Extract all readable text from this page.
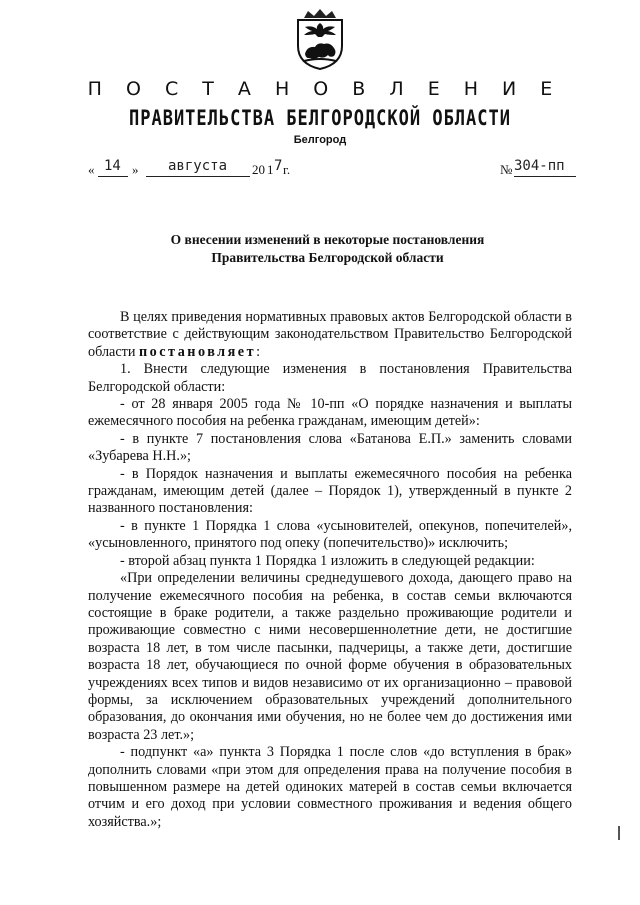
П О С Т А Н О В Л Е Н И Е
ПРАВИТЕЛЬСТВА БЕЛГОРОДСКОЙ ОБЛАСТИ
Белгород
« 14 » августа 20 1 7 г.	№ 304-пп
О внесении изменений в некоторые постановления
Правительства Белгородской области

В целях приведения нормативных правовых актов Белгородской области в соответствие с действующим законодательством Правительство Белгородской области постановляет:

1. Внести следующие изменения в постановления Правительства Белгородской области:

- от 28 января 2005 года № 10-пп «О порядке назначения и выплаты ежемесячного пособия на ребенка гражданам, имеющим детей»:

- в пункте 7 постановления слова «Батанова Е.П.» заменить словами «Зубарева Н.Н.»;

- в Порядок назначения и выплаты ежемесячного пособия на ребенка гражданам, имеющим детей (далее – Порядок 1), утвержденный в пункте 2 названного постановления:

- в пункте 1 Порядка 1 слова «усыновителей, опекунов, попечителей», «усыновленного, принятого под опеку (попечительство)» исключить;

- второй абзац пункта 1 Порядка 1 изложить в следующей редакции:

«При определении величины среднедушевого дохода, дающего право на получение ежемесячного пособия на ребенка, в состав семьи включаются состоящие в браке родители, а также раздельно проживающие родители и проживающие совместно с ними несовершеннолетние дети, не достигшие возраста 18 лет, в том числе пасынки, падчерицы, а также дети, достигшие возраста 18 лет, обучающиеся по очной форме обучения в образовательных учреждениях всех типов и видов независимо от их организационно – правовой формы, за исключением образовательных учреждений дополнительного образования, до окончания ими обучения, но не более чем до достижения ими возраста 23 лет.»;

- подпункт «а» пункта 3 Порядка 1 после слов «до вступления в брак» дополнить словами «при этом для определения права на получение пособия в повышенном размере на детей одиноких матерей в состав семьи включается отчим и его доход при условии совместного проживания и ведения общего хозяйства.»;
